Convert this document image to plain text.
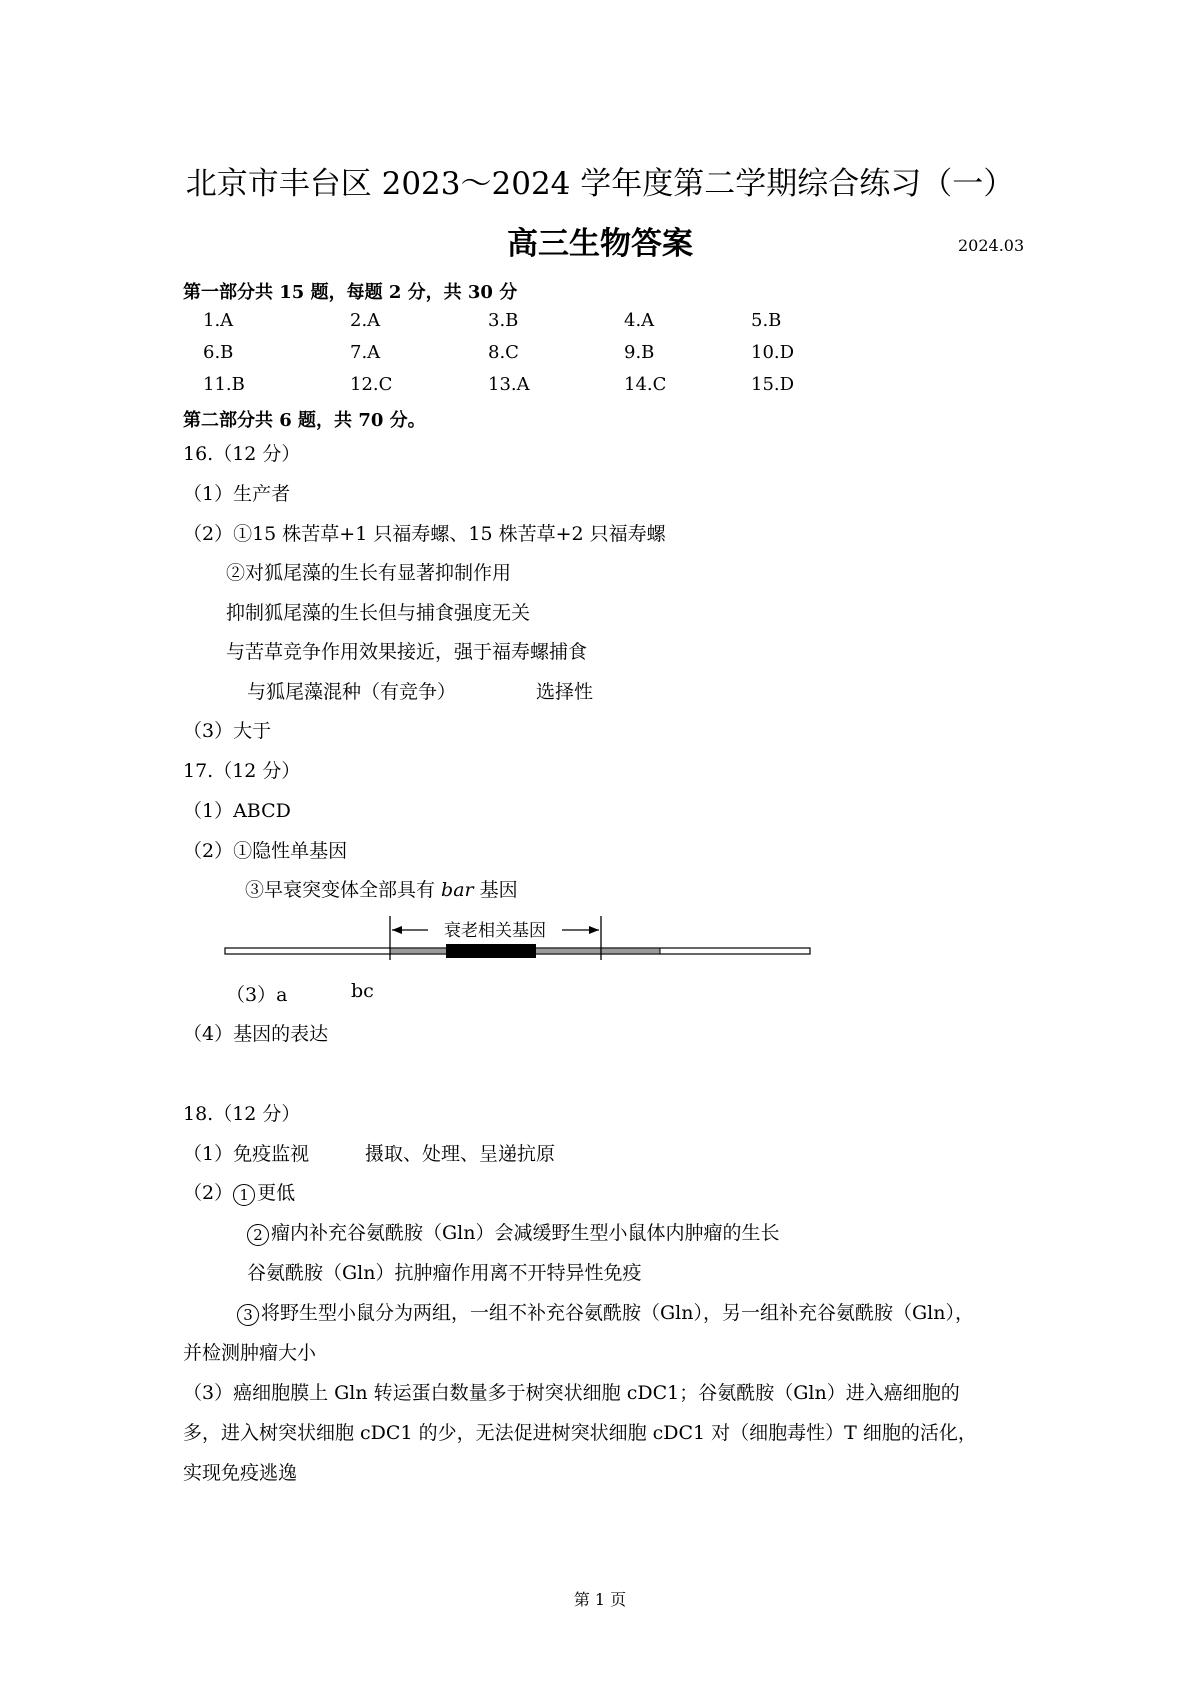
北京市丰台区 2023～2024 学年度第二学期综合练习（一）
高三生物答案	2024.03
第一部分共 15 题，每题 2 分，共 30 分
1.A	2.A	3.B	4.A	5.B
6.B	7.A	8.C	9.B	10.D
11.B	12.C	13.A	14.C	15.D
第二部分共 6 题，共 70 分。
16.（12 分）
（1）生产者
（2）①15 株苦草+1 只福寿螺、15 株苦草+2 只福寿螺
②对狐尾藻的生长有显著抑制作用
抑制狐尾藻的生长但与捕食强度无关
与苦草竞争作用效果接近，强于福寿螺捕食
与狐尾藻混种（有竞争）	选择性
（3）大于
17.（12 分）
（1）ABCD
（2）①隐性单基因
③早衰突变体全部具有 bar 基因
衰老相关基因
（3）a	bc
（4）基因的表达
18.（12 分）
（1）免疫监视	摄取、处理、呈递抗原
（2） 1 更低
2 瘤内补充谷氨酰胺（Gln）会减缓野生型小鼠体内肿瘤的生长
谷氨酰胺（Gln）抗肿瘤作用离不开特异性免疫
3 将野生型小鼠分为两组，一组不补充谷氨酰胺（Gln），另一组补充谷氨酰胺（Gln），
并检测肿瘤大小
（3）癌细胞膜上 Gln 转运蛋白数量多于树突状细胞 cDC1；谷氨酰胺（Gln）进入癌细胞的
多，进入树突状细胞 cDC1 的少，无法促进树突状细胞 cDC1 对（细胞毒性）T 细胞的活化，
实现免疫逃逸
第 1 页
